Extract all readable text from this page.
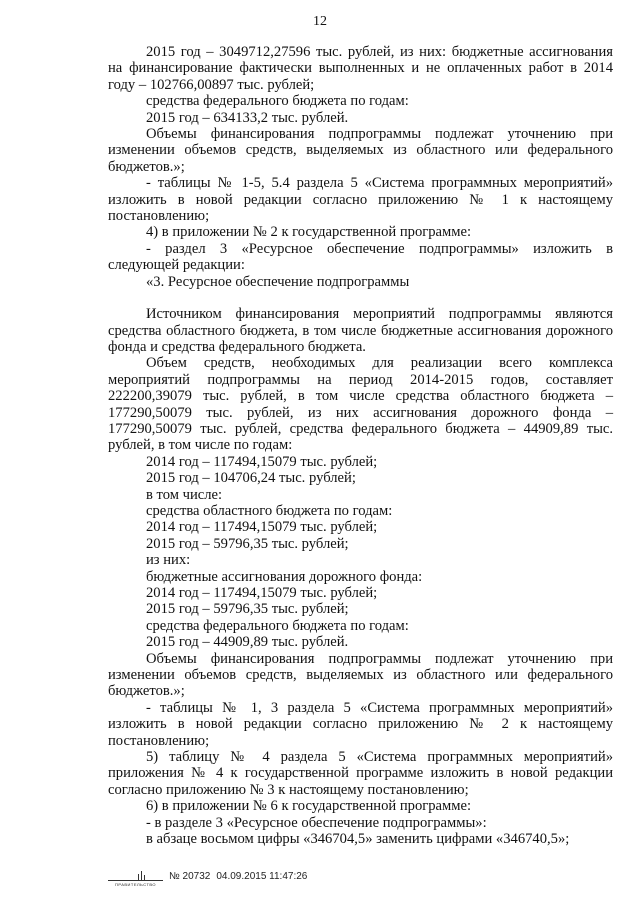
12

2015 год – 3049712,27596 тыс. рублей, из них: бюджетные ассигнования на финансирование фактически выполненных и не оплаченных работ в 2014 году – 102766,00897 тыс. рублей;

средства федерального бюджета по годам:

2015 год – 634133,2 тыс. рублей.

Объемы финансирования подпрограммы подлежат уточнению при изменении объемов средств, выделяемых из областного или федерального бюджетов.»;

- таблицы № 1-5, 5.4 раздела 5 «Система программных мероприятий» изложить в новой редакции согласно приложению № 1 к настоящему постановлению;

4) в приложении № 2 к государственной программе:

- раздел 3 «Ресурсное обеспечение подпрограммы» изложить в следующей редакции:

«3. Ресурсное обеспечение подпрограммы

Источником финансирования мероприятий подпрограммы являются средства областного бюджета, в том числе бюджетные ассигнования дорожного фонда и средства федерального бюджета.

Объем средств, необходимых для реализации всего комплекса мероприятий подпрограммы на период 2014-2015 годов, составляет 222200,39079 тыс. рублей, в том числе средства областного бюджета – 177290,50079 тыс. рублей, из них ассигнования дорожного фонда – 177290,50079 тыс. рублей, средства федерального бюджета – 44909,89 тыс. рублей, в том числе по годам:

2014 год – 117494,15079 тыс. рублей;

2015 год – 104706,24 тыс. рублей;

в том числе:

средства областного бюджета по годам:

2014 год – 117494,15079 тыс. рублей;

2015 год – 59796,35 тыс. рублей;

из них:

бюджетные ассигнования дорожного фонда:

2014 год – 117494,15079 тыс. рублей;

2015 год – 59796,35 тыс. рублей;

средства федерального бюджета по годам:

2015 год – 44909,89 тыс. рублей.

Объемы финансирования подпрограммы подлежат уточнению при изменении объемов средств, выделяемых из областного или федерального бюджетов.»;

- таблицы № 1, 3 раздела 5 «Система программных мероприятий» изложить в новой редакции согласно приложению № 2 к настоящему постановлению;

5) таблицу № 4 раздела 5 «Система программных мероприятий» приложения № 4 к государственной программе изложить в новой редакции согласно приложению № 3 к настоящему постановлению;

6) в приложении № 6 к государственной программе:

- в разделе 3 «Ресурсное обеспечение подпрограммы»:

в абзаце восьмом цифры «346704,5» заменить цифрами «346740,5»;

ПРАВИТЕЛЬСТВО
№ 20732 04.09.2015 11:47:26
